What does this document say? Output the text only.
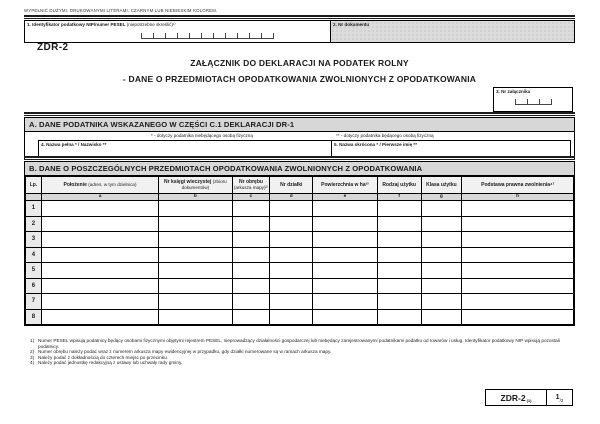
WYPEŁNIĆ DUŻYMI, DRUKOWANYMI LITERAMI, CZARNYM LUB NIEBIESKIM KOLOREM.
1. Identyfikator podatkowy NIP/numer PESEL (niepotrzebne skreślić)¹⁾	2. Nr dokumentu
ZDR-2
ZAŁĄCZNIK DO DEKLARACJI NA PODATEK ROLNY
- DANE O PRZEDMIOTACH OPODATKOWANIA ZWOLNIONYCH Z OPODATKOWANIA
3. Nr załącznika
A. DANE PODATNIKA WSKAZANEGO W CZĘŚCI C.1 DEKLARACJI DR-1
* - dotyczy podatnika niebędącego osobą fizyczną	** - dotyczy podatnika będącego osobą fizyczną
4. Nazwa pełna * / Nazwisko **	5. Nazwa skrócona * / Pierwsze imię **
B. DANE O POSZCZEGÓLNYCH PRZEDMIOTACH OPODATKOWANIA ZWOLNIONYCH Z OPODATKOWANIA
Lp.	Położenie (adres, w tym dzielnica)	Nr księgi wieczystej (zbioru dokumentów)	Nr obrębu (arkusza mapy)²⁾	Nr działki	Powierzchnia w ha³⁾	Rodzaj użytku	Klasa użytku	Podstawa prawna zwolnienia⁴⁾
	a	b	c	d	e	f	g	h
1								
2								
3								
4								
5								
6								
7								
8								
1) Numer PESEL wpisują podatnicy będący osobami fizycznymi objętymi rejestrem PESEL, nieprowadzący działalności gospodarczej lub niebędący zarejestrowanymi podatnikami podatku od towarów i usług. Identyfikator podatkowy NIP wpisują pozostali podatnicy.
2) Numer obrębu należy podać wraz z numerem arkusza mapy ewidencyjnej w przypadku, gdy działki numerowane są w ramach arkusza mapy.
3) Należy podać z dokładnością do czterech miejsc po przecinku.
4) Należy podać jednostkę redakcyjną z ustawy lub uchwały rady gminy.
ZDR-2 (1)	1 /2
